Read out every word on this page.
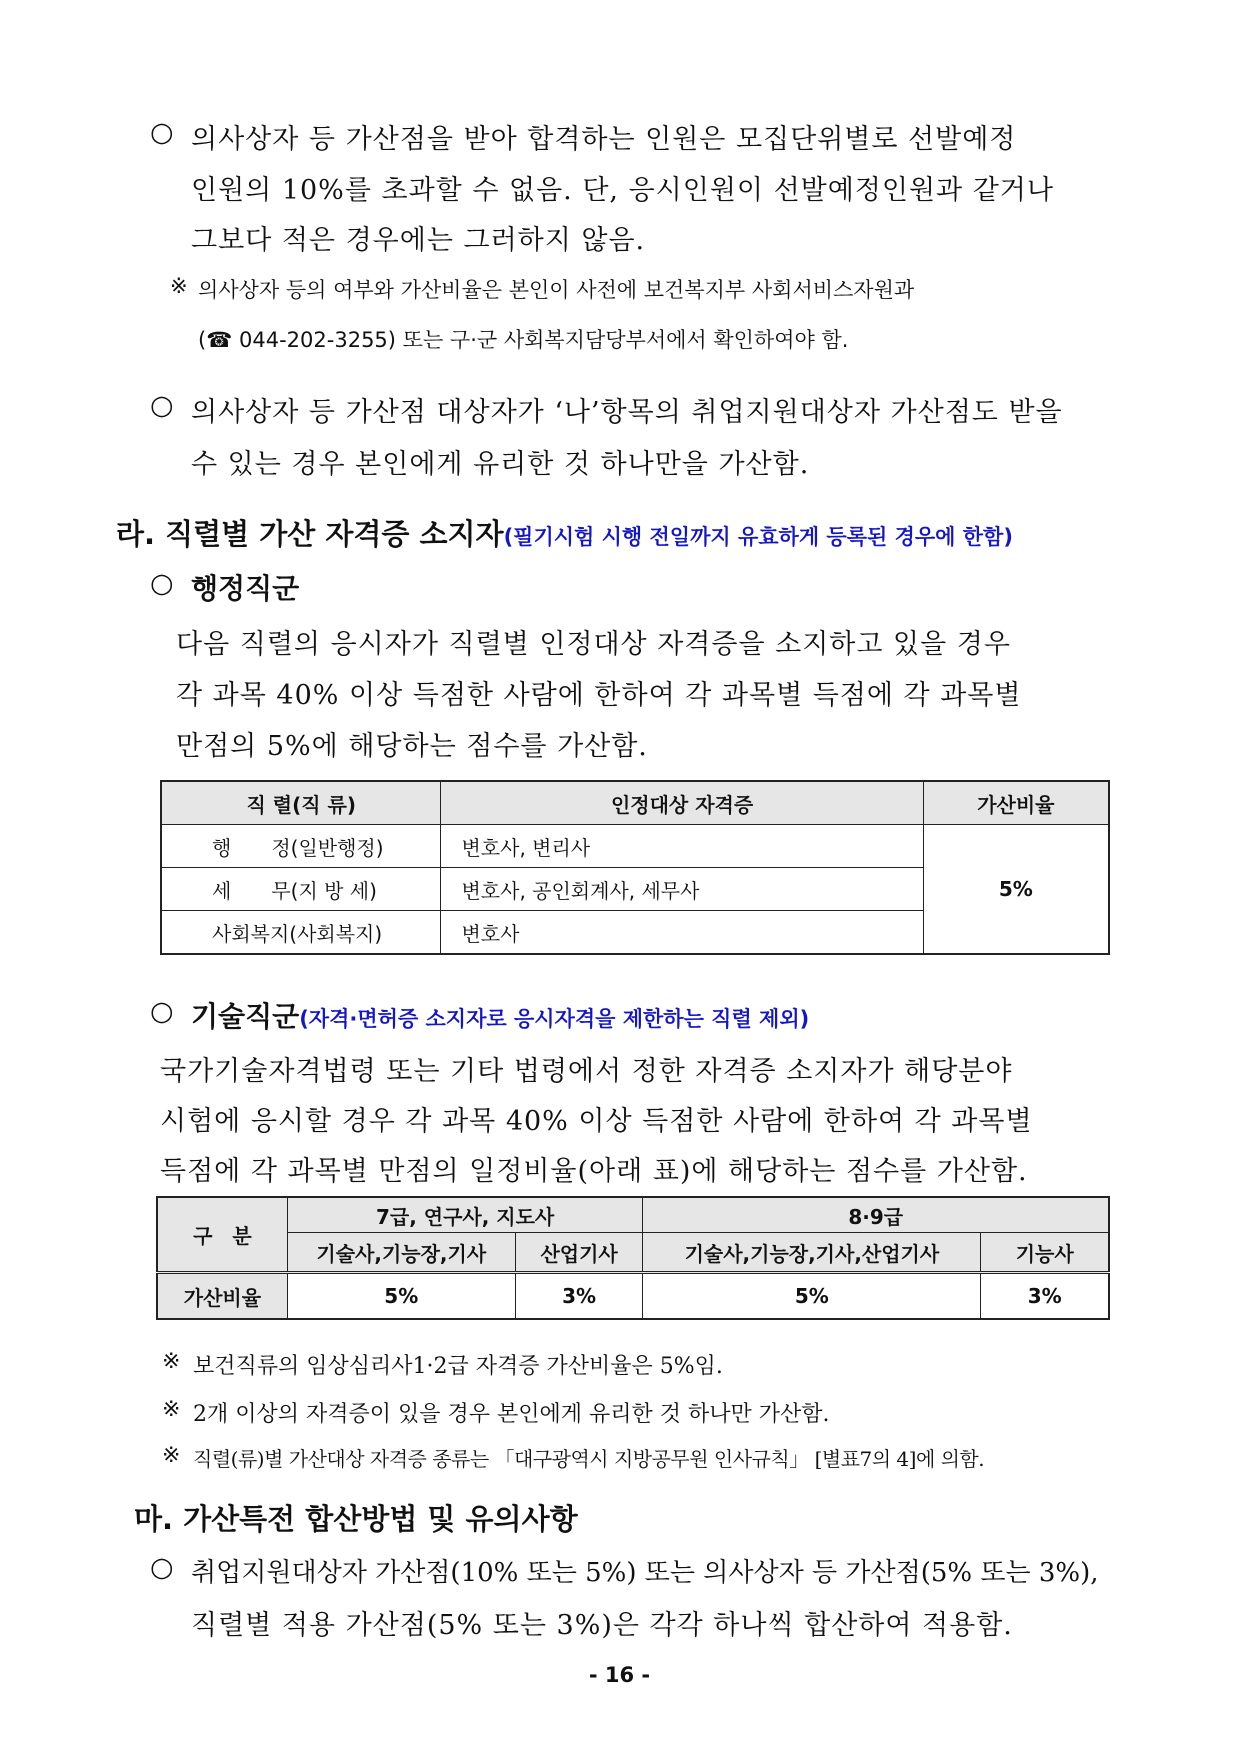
○ 의사상자 등 가산점을 받아 합격하는 인원은 모집단위별로 선발예정
인원의 10%를 초과할 수 없음. 단, 응시인원이 선발예정인원과 같거나
그보다 적은 경우에는 그러하지 않음.
※ 의사상자 등의 여부와 가산비율은 본인이 사전에 보건복지부 사회서비스자원과
(☎ 044-202-3255) 또는 구·군 사회복지담당부서에서 확인하여야 함.
○ 의사상자 등 가산점 대상자가 ‘나’항목의 취업지원대상자 가산점도 받을
수 있는 경우 본인에게 유리한 것 하나만을 가산함.
라. 직렬별 가산 자격증 소지자(필기시험 시행 전일까지 유효하게 등록된 경우에 한함)
○ 행정직군
다음 직렬의 응시자가 직렬별 인정대상 자격증을 소지하고 있을 경우
각 과목 40% 이상 득점한 사람에 한하여 각 과목별 득점에 각 과목별
만점의 5%에 해당하는 점수를 가산함.
직 렬(직 류)	인정대상 자격증	가산비율
행　　정(일반행정)	변호사, 변리사	5%
세　　무(지 방 세)	변호사, 공인회계사, 세무사	
사회복지(사회복지)	변호사	
○ 기술직군(자격·면허증 소지자로 응시자격을 제한하는 직렬 제외)
국가기술자격법령 또는 기타 법령에서 정한 자격증 소지자가 해당분야
시험에 응시할 경우 각 과목 40% 이상 득점한 사람에 한하여 각 과목별
득점에 각 과목별 만점의 일정비율(아래 표)에 해당하는 점수를 가산함.
구　분	7급, 연구사, 지도사		8·9급	
	기술사,기능장,기사	산업기사	기술사,기능장,기사,산업기사	기능사
가산비율	5%	3%	5%	3%
※ 보건직류의 임상심리사1·2급 자격증 가산비율은 5%임.
※ 2개 이상의 자격증이 있을 경우 본인에게 유리한 것 하나만 가산함.
※ 직렬(류)별 가산대상 자격증 종류는 「대구광역시 지방공무원 인사규칙」 [별표7의 4]에 의함.
마. 가산특전 합산방법 및 유의사항
○ 취업지원대상자 가산점(10% 또는 5%) 또는 의사상자 등 가산점(5% 또는 3%),
직렬별 적용 가산점(5% 또는 3%)은 각각 하나씩 합산하여 적용함.
- 16 -
